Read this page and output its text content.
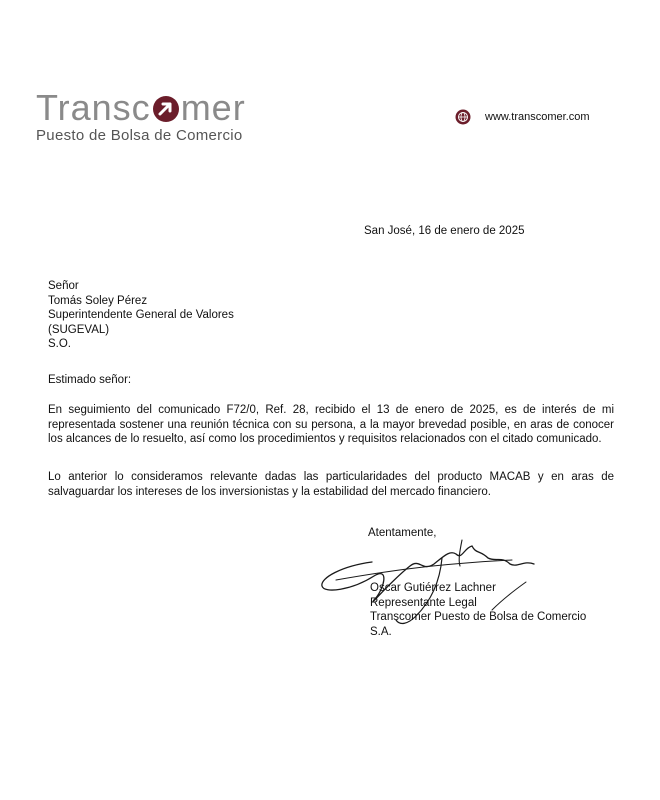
Transc mer
Puesto de Bolsa de Comercio
www.transcomer.com
San José, 16 de enero de 2025
Señor
Tomás Soley Pérez
Superintendente General de Valores
(SUGEVAL)
S.O.
Estimado señor:
En seguimiento del comunicado F72/0, Ref. 28, recibido el 13 de enero de 2025, es de interés de mi representada sostener una reunión técnica con su persona, a la mayor brevedad posible, en aras de conocer los alcances de lo resuelto, así como los procedimientos y requisitos relacionados con el citado comunicado.
Lo anterior lo consideramos relevante dadas las particularidades del producto MACAB y en aras de salvaguardar los intereses de los inversionistas y la estabilidad del mercado financiero.
Atentamente,
Oscar Gutiérrez Lachner
Representante Legal
Transcomer Puesto de Bolsa de Comercio
S.A.
